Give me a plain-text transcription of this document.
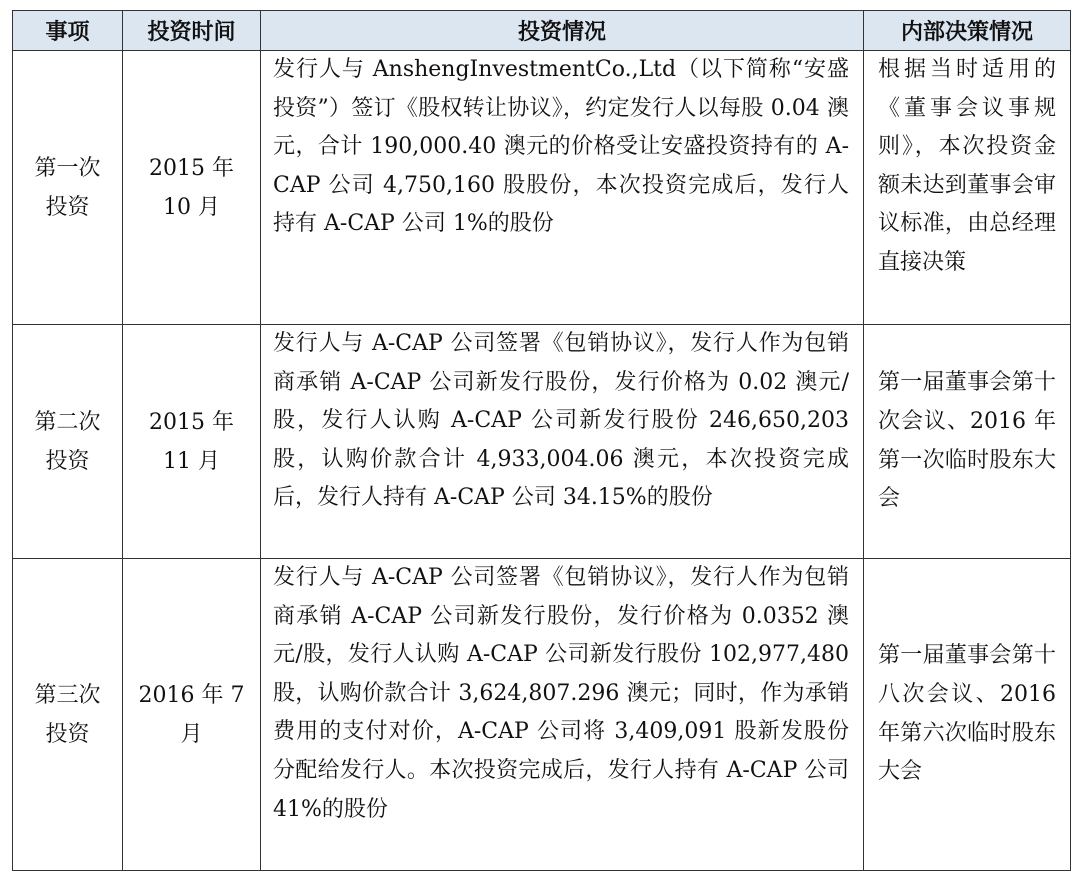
事项	投资时间	投资情况	内部决策情况
第一次投资	2015 年 10 月	发行人与 AnshengInvestmentCo.,Ltd（以下简称“安盛投资”）签订《股权转让协议》，约定发行人以每股 0.04 澳元，合计 190,000.40 澳元的价格受让安盛投资持有的 A-CAP 公司 4,750,160 股股份，本次投资完成后，发行人持有 A-CAP 公司 1%的股份	根据当时适用的《董事会议事规则》，本次投资金额未达到董事会审议标准，由总经理直接决策
第二次投资	2015 年 11 月	发行人与 A-CAP 公司签署《包销协议》，发行人作为包销商承销 A-CAP 公司新发行股份，发行价格为 0.02 澳元/股，发行人认购 A-CAP 公司新发行股份 246,650,203 股，认购价款合计 4,933,004.06 澳元，本次投资完成后，发行人持有 A-CAP 公司 34.15%的股份	第一届董事会第十次会议、2016 年第一次临时股东大会
第三次投资	2016 年 7 月	发行人与 A-CAP 公司签署《包销协议》，发行人作为包销商承销 A-CAP 公司新发行股份，发行价格为 0.0352 澳元/股，发行人认购 A-CAP 公司新发行股份 102,977,480 股，认购价款合计 3,624,807.296 澳元；同时，作为承销费用的支付对价，A-CAP 公司将 3,409,091 股新发股份分配给发行人。本次投资完成后，发行人持有 A-CAP 公司 41%的股份	第一届董事会第十八次会议、2016 年第六次临时股东大会
